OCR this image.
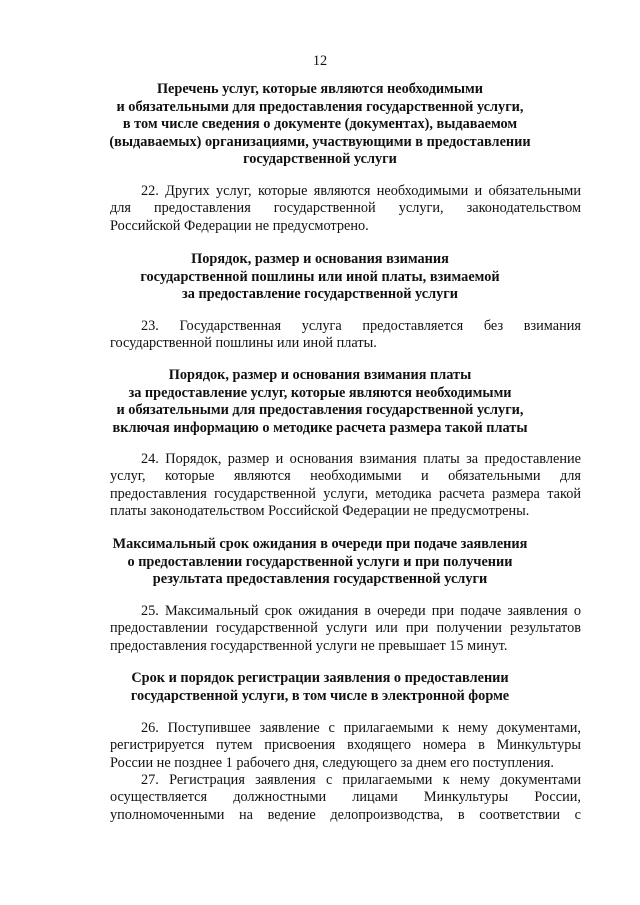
12
Перечень услуг, которые являются необходимыми
и обязательными для предоставления государственной услуги,
в том числе сведения о документе (документах), выдаваемом
(выдаваемых) организациями, участвующими в предоставлении
государственной услуги
22. Других услуг, которые являются необходимыми и обязательными
для предоставления государственной услуги, законодательством
Российской Федерации не предусмотрено.
Порядок, размер и основания взимания
государственной пошлины или иной платы, взимаемой
за предоставление государственной услуги
23. Государственная услуга предоставляется без взимания
государственной пошлины или иной платы.
Порядок, размер и основания взимания платы
за предоставление услуг, которые являются необходимыми
и обязательными для предоставления государственной услуги,
включая информацию о методике расчета размера такой платы
24. Порядок, размер и основания взимания платы за предоставление
услуг, которые являются необходимыми и обязательными для
предоставления государственной услуги, методика расчета размера такой
платы законодательством Российской Федерации не предусмотрены.
Максимальный срок ожидания в очереди при подаче заявления
о предоставлении государственной услуги и при получении
результата предоставления государственной услуги
25. Максимальный срок ожидания в очереди при подаче заявления о
предоставлении государственной услуги или при получении результатов
предоставления государственной услуги не превышает 15 минут.
Срок и порядок регистрации заявления о предоставлении
государственной услуги, в том числе в электронной форме
26. Поступившее заявление с прилагаемыми к нему документами,
регистрируется путем присвоения входящего номера в Минкультуры
России не позднее 1 рабочего дня, следующего за днем его поступления.
27. Регистрация заявления с прилагаемыми к нему документами
осуществляется должностными лицами Минкультуры России,
уполномоченными на ведение делопроизводства, в соответствии с
